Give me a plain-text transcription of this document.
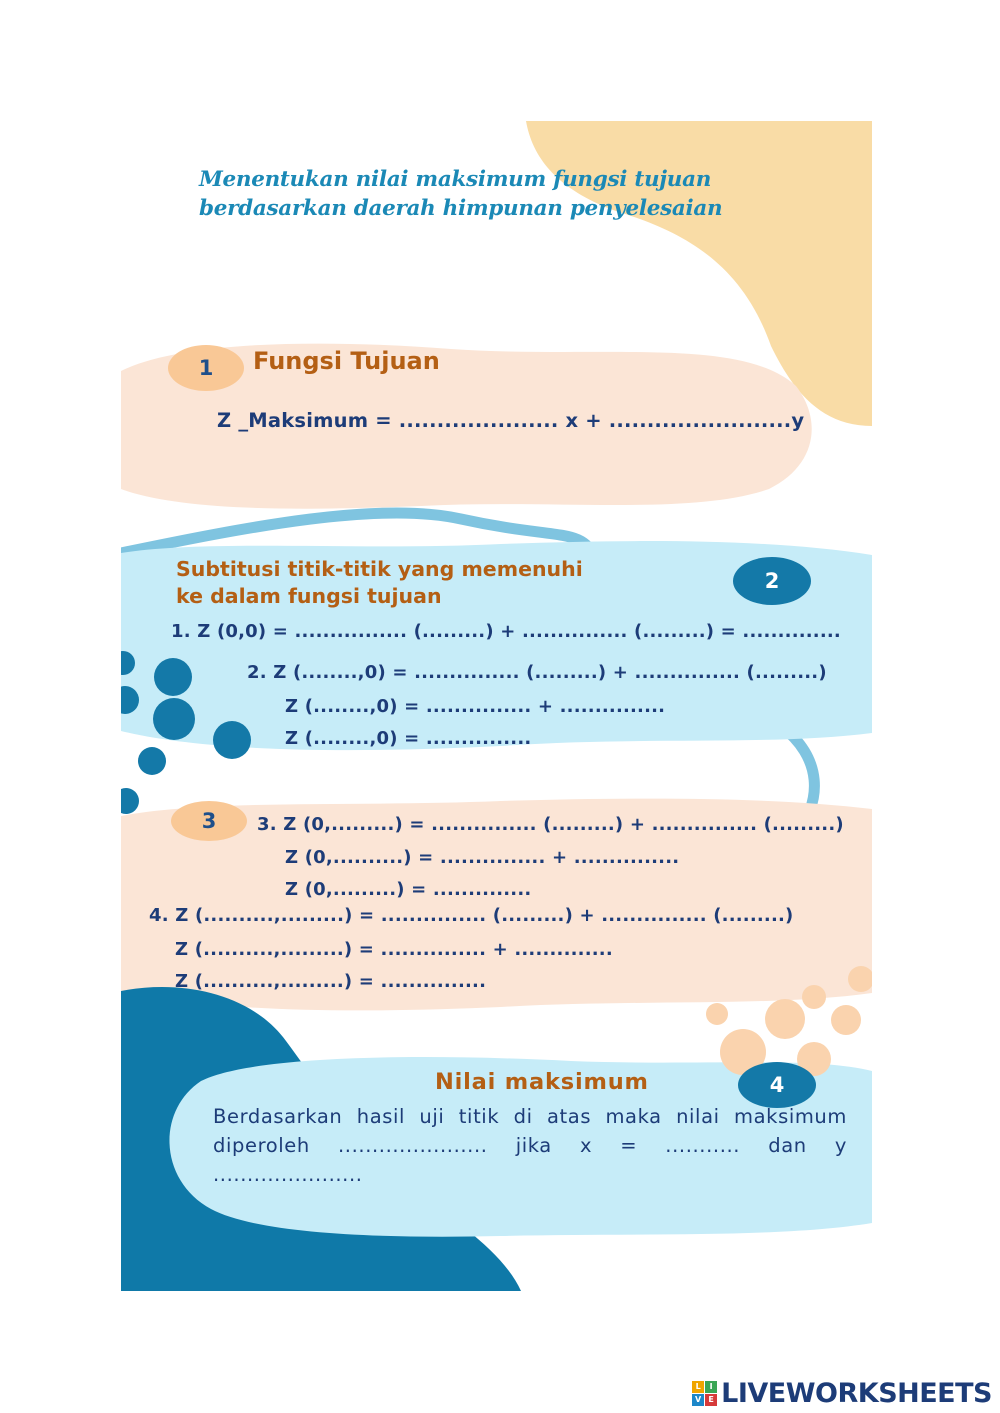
Menentukan nilai maksimum fungsi tujuan berdasarkan daerah himpunan penyelesaian
1	Fungsi Tujuan
Z _Maksimum = ..................... x + ........................y
Subtitusi titik-titik yang memenuhi
ke dalam fungsi tujuan
2
1. Z (0,0) = ................ (.........) + ............... (.........) = ..............
2. Z (........,0) = ............... (.........) + ............... (.........)
Z (........,0) = ............... + ...............
Z (........,0) = ...............
3	3. Z (0,.........) = ............... (.........) + ............... (.........)
Z (0,..........) = ............... + ...............
Z (0,.........) = ..............
4. Z (..........,.........) = ............... (.........) + ............... (.........)
Z (..........,.........) = ............... + ..............
Z (..........,.........) = ...............
Nilai maksimum	4
Berdasarkan hasil uji titik di atas maka nilai maksimum diperoleh ...................... jika x = ........... dan y ......................
L	I
V E LIVEWORKSHEETS
